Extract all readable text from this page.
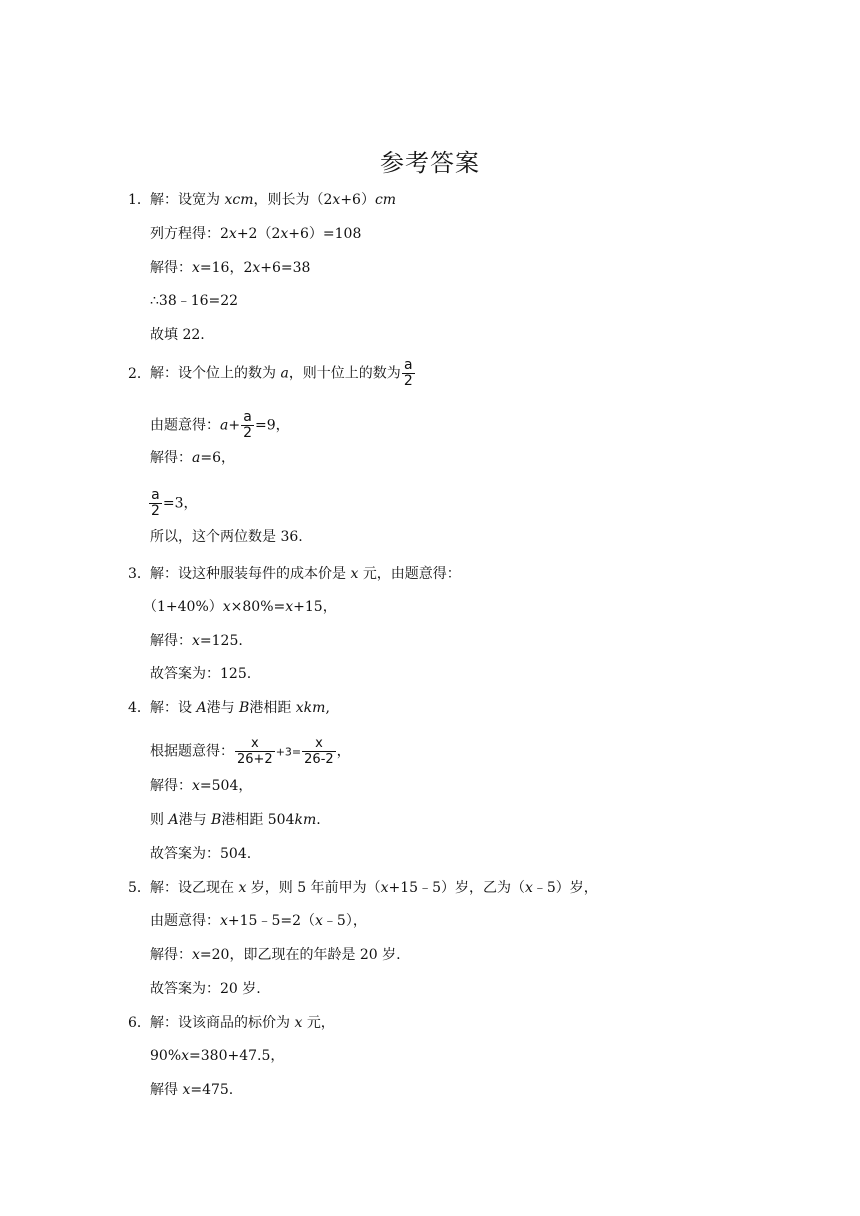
参考答案
1． 解：设宽为 xcm，则长为（2x+6）cm
列方程得：2x+2（2x+6）=108
解得：x=16，2x+6=38
∴38﹣16=22
故填 22.
2． 解：设个位上的数为 a，则十位上的数为 $\frac{a}{2}$
由题意得：$a+ \frac{a}{2} =9$，
解得：a=6，
$\frac{a}{2} =3$，
所以，这个两位数是 36.
3． 解：设这种服装每件的成本价是 x 元，由题意得：
（1+40%）x×80%=x+15，
解得：x=125.
故答案为：125.
4． 解：设 A港与 B港相距 xkm,
根据题意得： $\frac{x}{26+2} +3= \frac{x}{26-2}$ ，
解得：x=504，
则 A港与 B港相距 504km.
故答案为：504.
5． 解：设乙现在 x 岁，则 5 年前甲为（x+15﹣5）岁，乙为（x﹣5）岁，
由题意得：x+15﹣5=2（x﹣5），
解得：x=20，即乙现在的年龄是 20 岁.
故答案为：20 岁.
6． 解：设该商品的标价为 x 元，
90%x=380+47.5，
解得 x=475.
